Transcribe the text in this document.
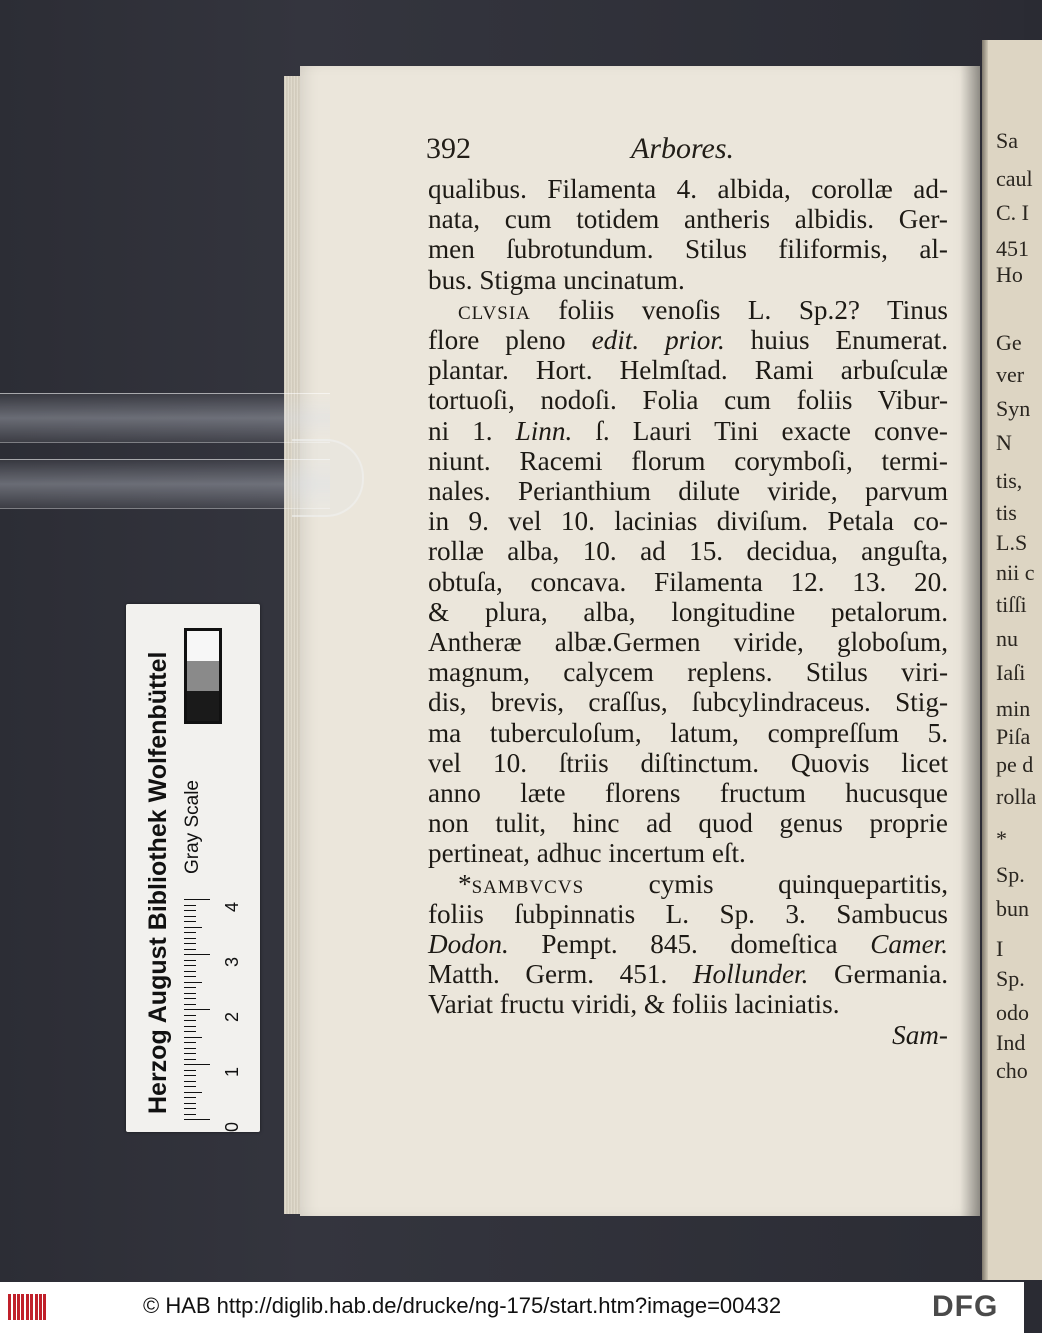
Sa
caul
C. I
451
Ho
Ge
ver
Syn
N
tis,
tis
L.S
nii c
tiſſi
nu
Iaſi
min
Piſa
pe d
rolla
*
Sp.
bun
I
Sp.
odo
Ind
cho
392	Arbores.
qualibus. Filamenta 4. albida, corollæ ad-
nata, cum totidem antheris albidis. Ger-
men ſubrotundum. Stilus filiformis, al-
bus. Stigma uncinatum.
clvsia foliis venoſis L. Sp.2? Tinus
flore pleno edit. prior. huius Enumerat.
plantar. Hort. Helmſtad. Rami arbuſculæ
tortuoſi, nodoſi. Folia cum foliis Vibur-
ni 1. Linn. ſ. Lauri Tini exacte conve-
niunt. Racemi florum corymboſi, termi-
nales. Perianthium dilute viride, parvum
in 9. vel 10. lacinias diviſum. Petala co-
rollæ alba, 10. ad 15. decidua, anguſta,
obtuſa, concava. Filamenta 12. 13. 20.
& plura, alba, longitudine petalorum.
Antheræ albæ.Germen viride, globoſum,
magnum, calycem replens. Stilus viri-
dis, brevis, craſſus, ſubcylindraceus. Stig-
ma tuberculoſum, latum, compreſſum 5.
vel 10. ſtriis diſtinctum. Quovis licet
anno læte florens fructum hucusque
non tulit, hinc ad quod genus proprie
pertineat, adhuc incertum eſt.
*sambvcvs cymis quinquepartitis,
foliis ſubpinnatis L. Sp. 3. Sambucus
Dodon. Pempt. 845. domeſtica Camer.
Matth. Germ. 451. Hollunder. Germania.
Variat fructu viridi, & foliis laciniatis.
Sam-
Herzog August Bibliothek Wolfenbüttel Gray Scale
0
1
2
3
4
© HAB http://diglib.hab.de/drucke/ng-175/start.htm?image=00432	DFG
